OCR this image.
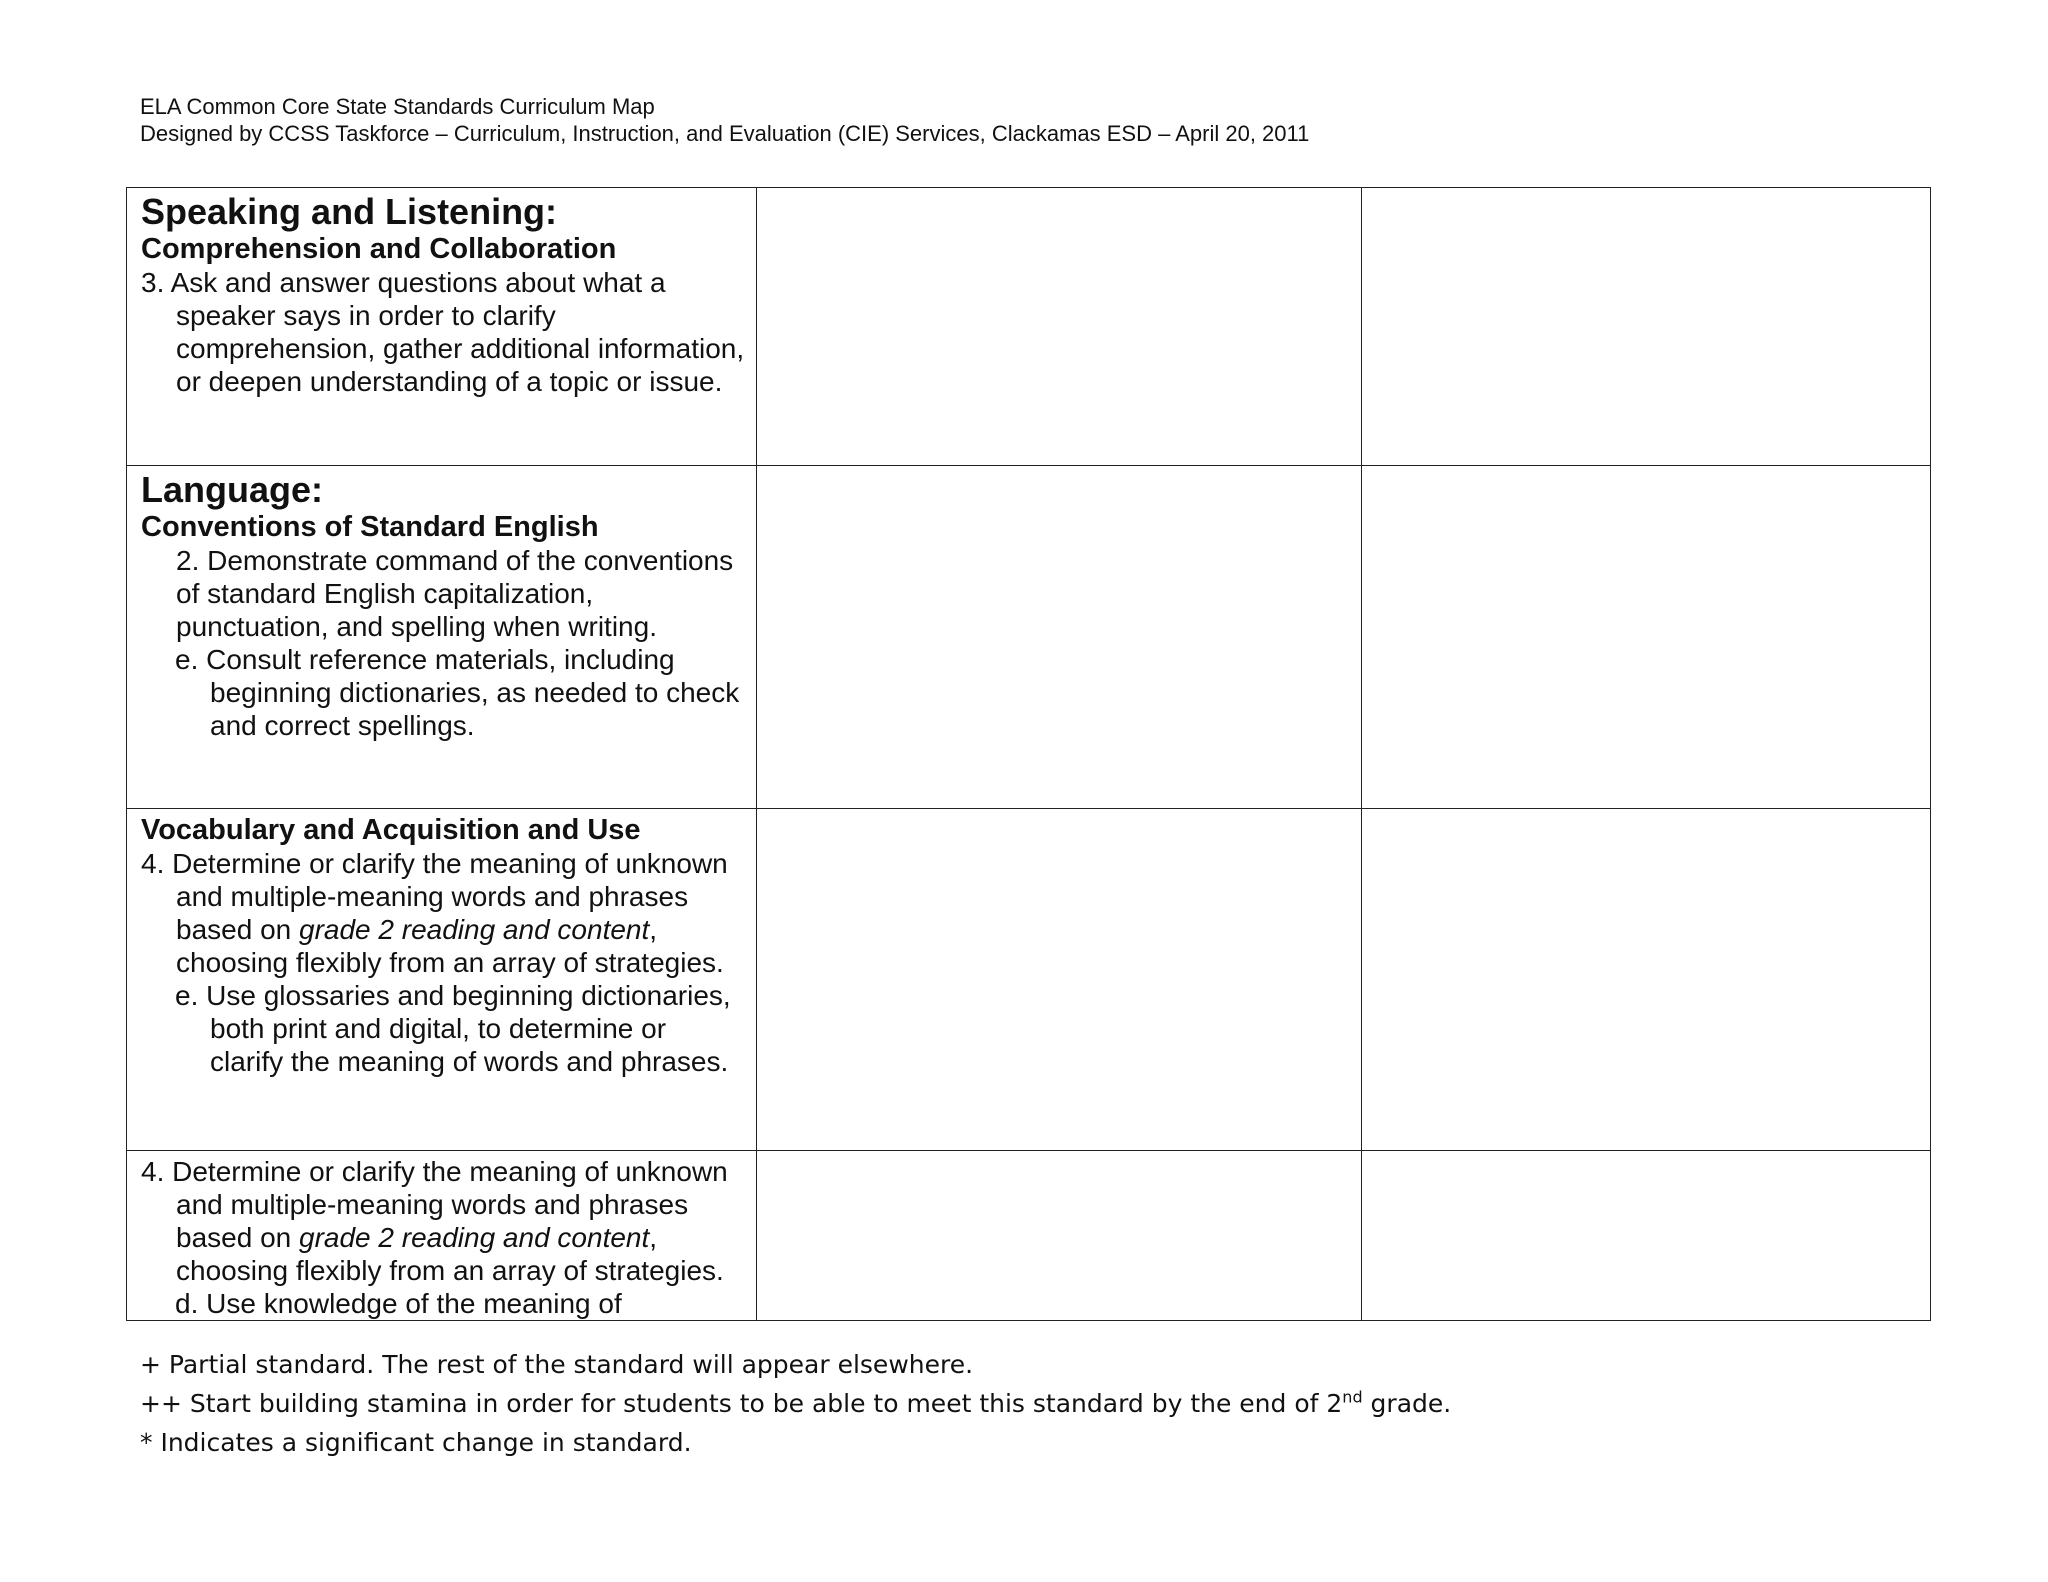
ELA Common Core State Standards Curriculum Map
Designed by CCSS Taskforce – Curriculum, Instruction, and Evaluation (CIE) Services, Clackamas ESD – April 20, 2011
Speaking and Listening:
Comprehension and Collaboration
3. Ask and answer questions about what a speaker says in order to clarify comprehension, gather additional information, or deepen understanding of a topic or issue.		

Language:
Conventions of Standard English
2. Demonstrate command of the conventions of standard English capitalization, punctuation, and spelling when writing.
e. Consult reference materials, including beginning dictionaries, as needed to check and correct spellings.		

Vocabulary and Acquisition and Use
4. Determine or clarify the meaning of unknown and multiple-meaning words and phrases based on grade 2 reading and content, choosing flexibly from an array of strategies.
e. Use glossaries and beginning dictionaries, both print and digital, to determine or clarify the meaning of words and phrases.		

4. Determine or clarify the meaning of unknown and multiple-meaning words and phrases based on grade 2 reading and content, choosing flexibly from an array of strategies.
d. Use knowledge of the meaning of		

+ Partial standard. The rest of the standard will appear elsewhere.
++ Start building stamina in order for students to be able to meet this standard by the end of 2nd grade.
* Indicates a significant change in standard.
